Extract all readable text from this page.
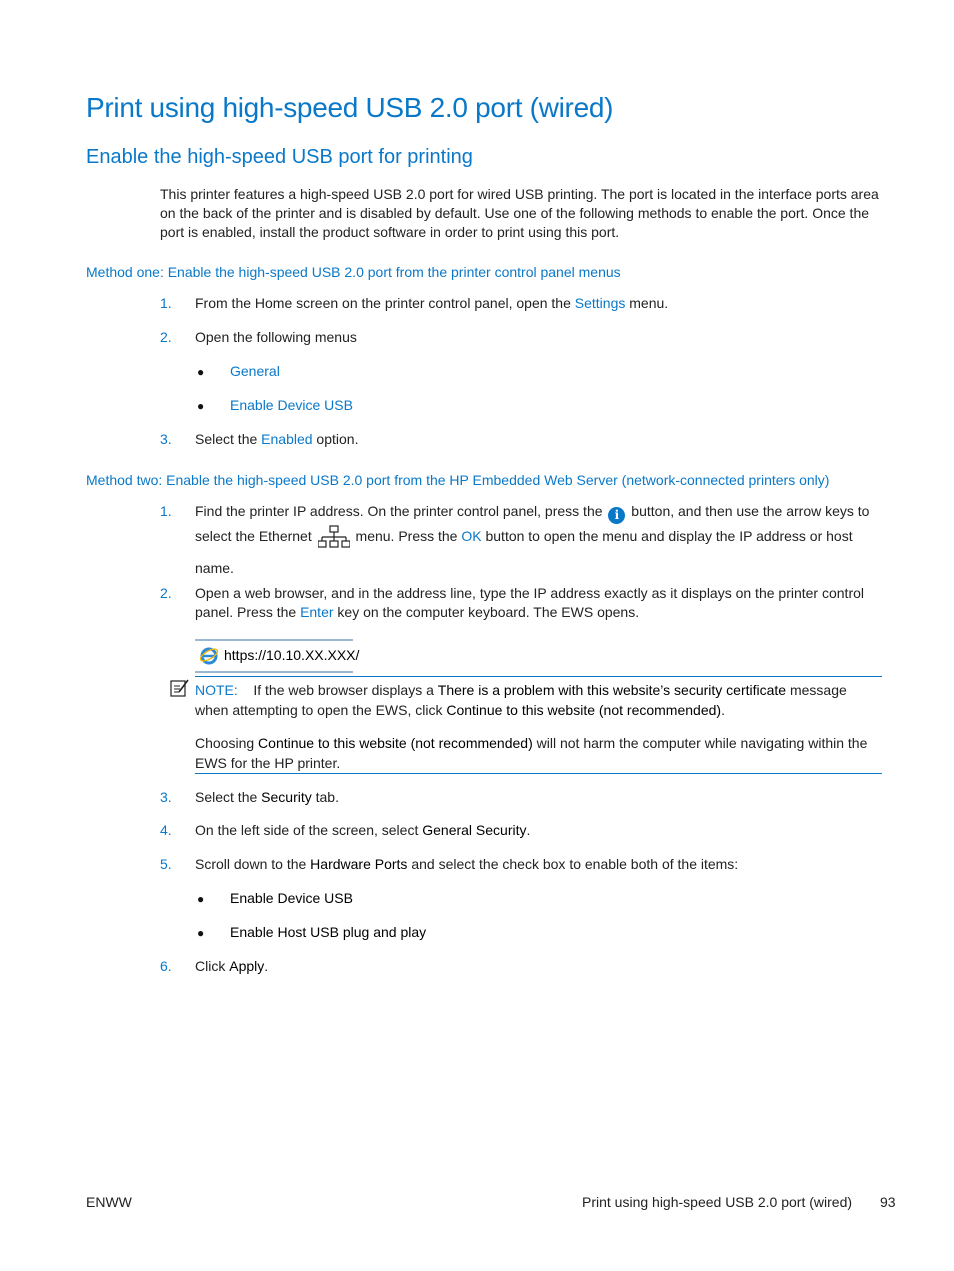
Print using high-speed USB 2.0 port (wired)
Enable the high-speed USB port for printing
This printer features a high-speed USB 2.0 port for wired USB printing. The port is located in the interface ports area on the back of the printer and is disabled by default. Use one of the following methods to enable the port. Once the port is enabled, install the product software in order to print using this port.
Method one: Enable the high-speed USB 2.0 port from the printer control panel menus
1. From the Home screen on the printer control panel, open the Settings menu.
2. Open the following menus
● General
● Enable Device USB
3. Select the Enabled option.
Method two: Enable the high-speed USB 2.0 port from the HP Embedded Web Server (network-connected printers only)
1. Find the printer IP address. On the printer control panel, press the i button, and then use the arrow keys to select the Ethernet	menu. Press the OK button to open the menu and display the IP address or host name.
2. Open a web browser, and in the address line, type the IP address exactly as it displays on the printer control panel. Press the Enter key on the computer keyboard. The EWS opens.
https://10.10.XX.XXX/
NOTE: If the web browser displays a There is a problem with this website’s security certificate message when attempting to open the EWS, click Continue to this website (not recommended).
Choosing Continue to this website (not recommended) will not harm the computer while navigating within the EWS for the HP printer.
3. Select the Security tab.
4. On the left side of the screen, select General Security.
5. Scroll down to the Hardware Ports and select the check box to enable both of the items:
● Enable Device USB
● Enable Host USB plug and play
6. Click Apply.
ENWW	Print using high-speed USB 2.0 port (wired) 93
